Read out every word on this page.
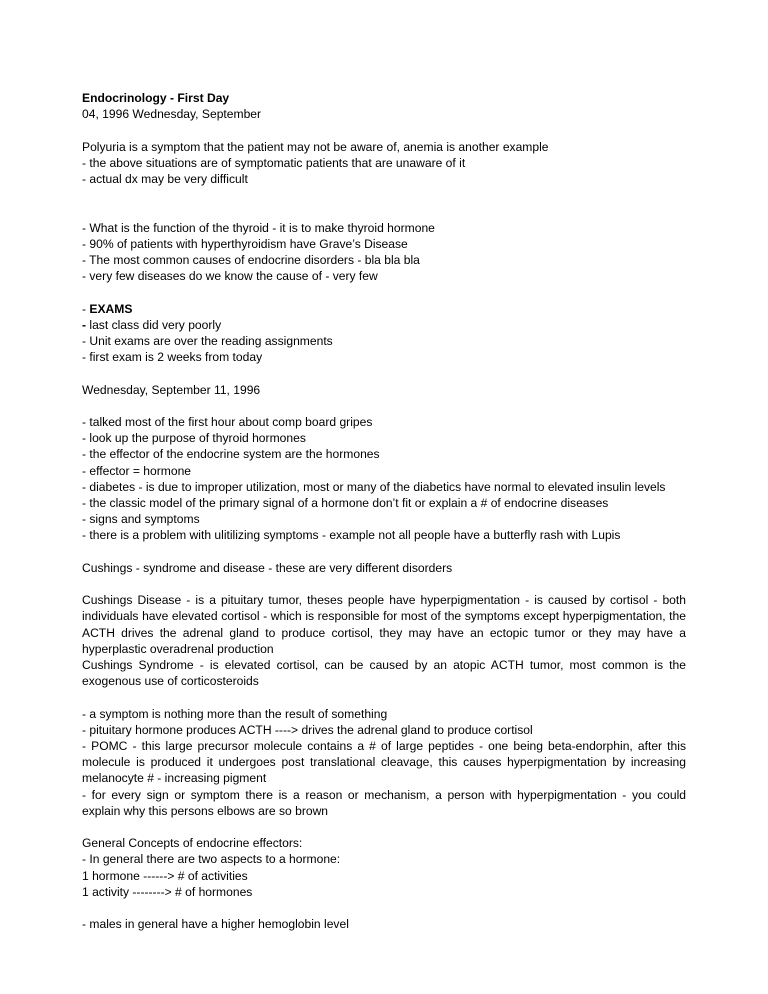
Endocrinology - First Day
04, 1996 Wednesday, September
Polyuria is a symptom that the patient may not be aware of, anemia is another example
- the above situations are of symptomatic patients that are unaware of it
- actual dx may be very difficult
- What is the function of the thyroid - it is to make thyroid hormone
- 90% of patients with hyperthyroidism have Grave’s Disease
- The most common causes of endocrine disorders - bla bla bla
- very few diseases do we know the cause of - very few
- EXAMS
- last class did very poorly
- Unit exams are over the reading assignments
- first exam is 2 weeks from today
Wednesday, September 11, 1996
- talked most of the first hour about comp board gripes
- look up the purpose of thyroid hormones
- the effector of the endocrine system are the hormones
- effector = hormone
- diabetes - is due to improper utilization, most or many of the diabetics have normal to elevated insulin levels
- the classic model of the primary signal of a hormone don’t fit or explain a # of endocrine diseases
- signs and symptoms
- there is a problem with ulitilizing symptoms - example not all people have a butterfly rash with Lupis
Cushings - syndrome and disease - these are very different disorders
Cushings Disease - is a pituitary tumor, theses people have hyperpigmentation - is caused by cortisol - both individuals have elevated cortisol - which is responsible for most of the symptoms except hyperpigmentation, the ACTH drives the adrenal gland to produce cortisol, they may have an ectopic tumor or they may have a hyperplastic overadrenal production
Cushings Syndrome - is elevated cortisol, can be caused by an atopic ACTH tumor, most common is the exogenous use of corticosteroids
- a symptom is nothing more than the result of something
- pituitary hormone produces ACTH ----> drives the adrenal gland to produce cortisol
- POMC - this large precursor molecule contains a # of large peptides - one being beta-endorphin, after this molecule is produced it undergoes post translational cleavage, this causes hyperpigmentation by increasing melanocyte # - increasing pigment
- for every sign or symptom there is a reason or mechanism, a person with hyperpigmentation - you could explain why this persons elbows are so brown
General Concepts of endocrine effectors:
- In general there are two aspects to a hormone:
1 hormone ------> # of activities
1 activity --------> # of hormones
- males in general have a higher hemoglobin level
